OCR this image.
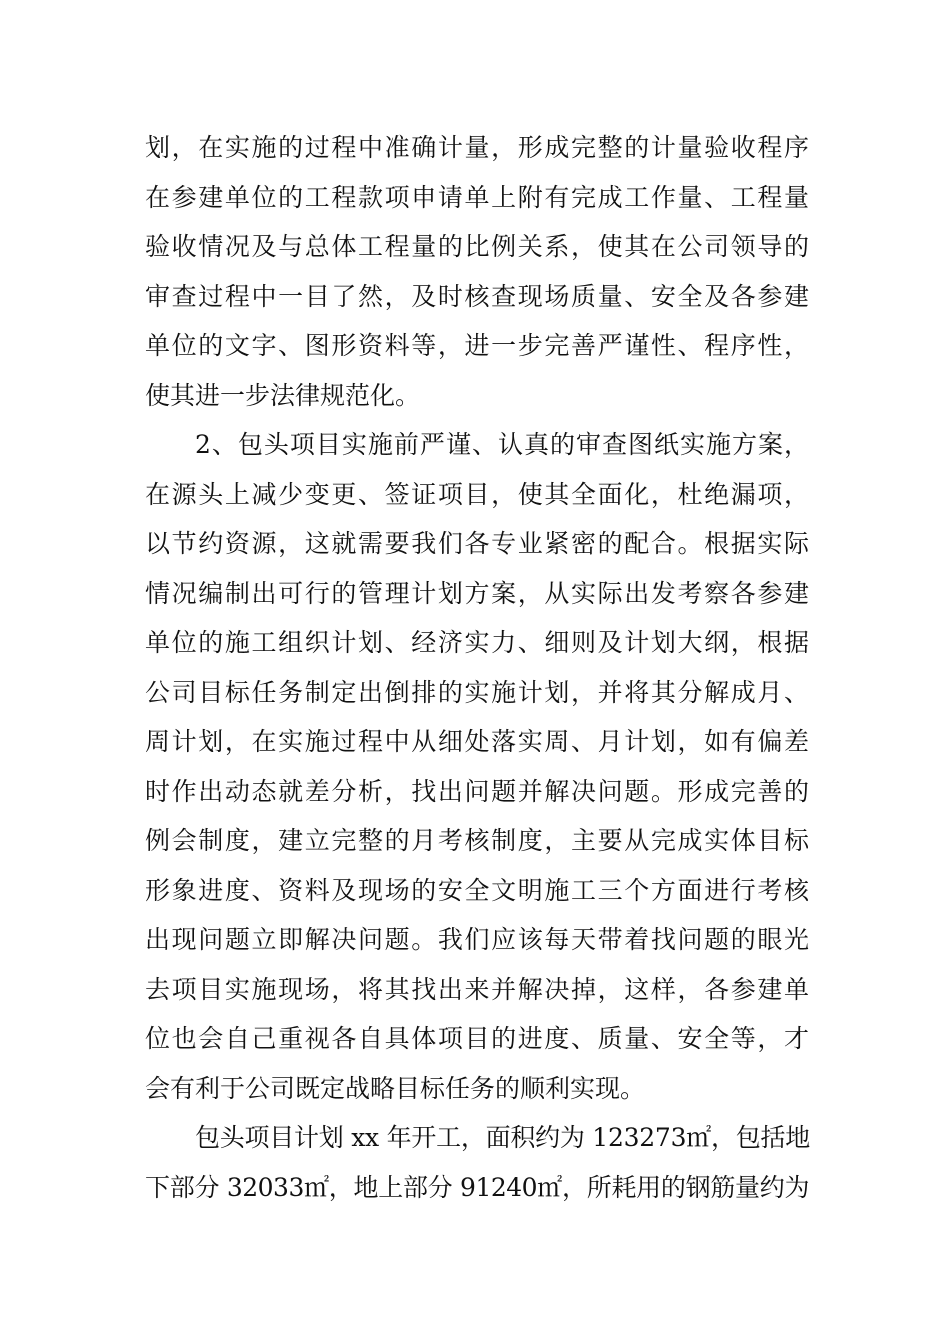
划，在实施的过程中准确计量，形成完整的计量验收程序
在参建单位的工程款项申请单上附有完成工作量、工程量
验收情况及与总体工程量的比例关系，使其在公司领导的
审查过程中一目了然，及时核查现场质量、安全及各参建
单位的文字、图形资料等，进一步完善严谨性、程序性，
使其进一步法律规范化。
2、包头项目实施前严谨、认真的审查图纸实施方案，
在源头上减少变更、签证项目，使其全面化，杜绝漏项，
以节约资源，这就需要我们各专业紧密的配合。根据实际
情况编制出可行的管理计划方案，从实际出发考察各参建
单位的施工组织计划、经济实力、细则及计划大纲，根据
公司目标任务制定出倒排的实施计划，并将其分解成月、
周计划，在实施过程中从细处落实周、月计划，如有偏差
时作出动态就差分析，找出问题并解决问题。形成完善的
例会制度，建立完整的月考核制度，主要从完成实体目标
形象进度、资料及现场的安全文明施工三个方面进行考核
出现问题立即解决问题。我们应该每天带着找问题的眼光
去项目实施现场，将其找出来并解决掉，这样，各参建单
位也会自己重视各自具体项目的进度、质量、安全等，才
会有利于公司既定战略目标任务的顺利实现。
包头项目计划 xx 年开工，面积约为 123273㎡，包括地
下部分 32033㎡，地上部分 91240㎡，所耗用的钢筋量约为
